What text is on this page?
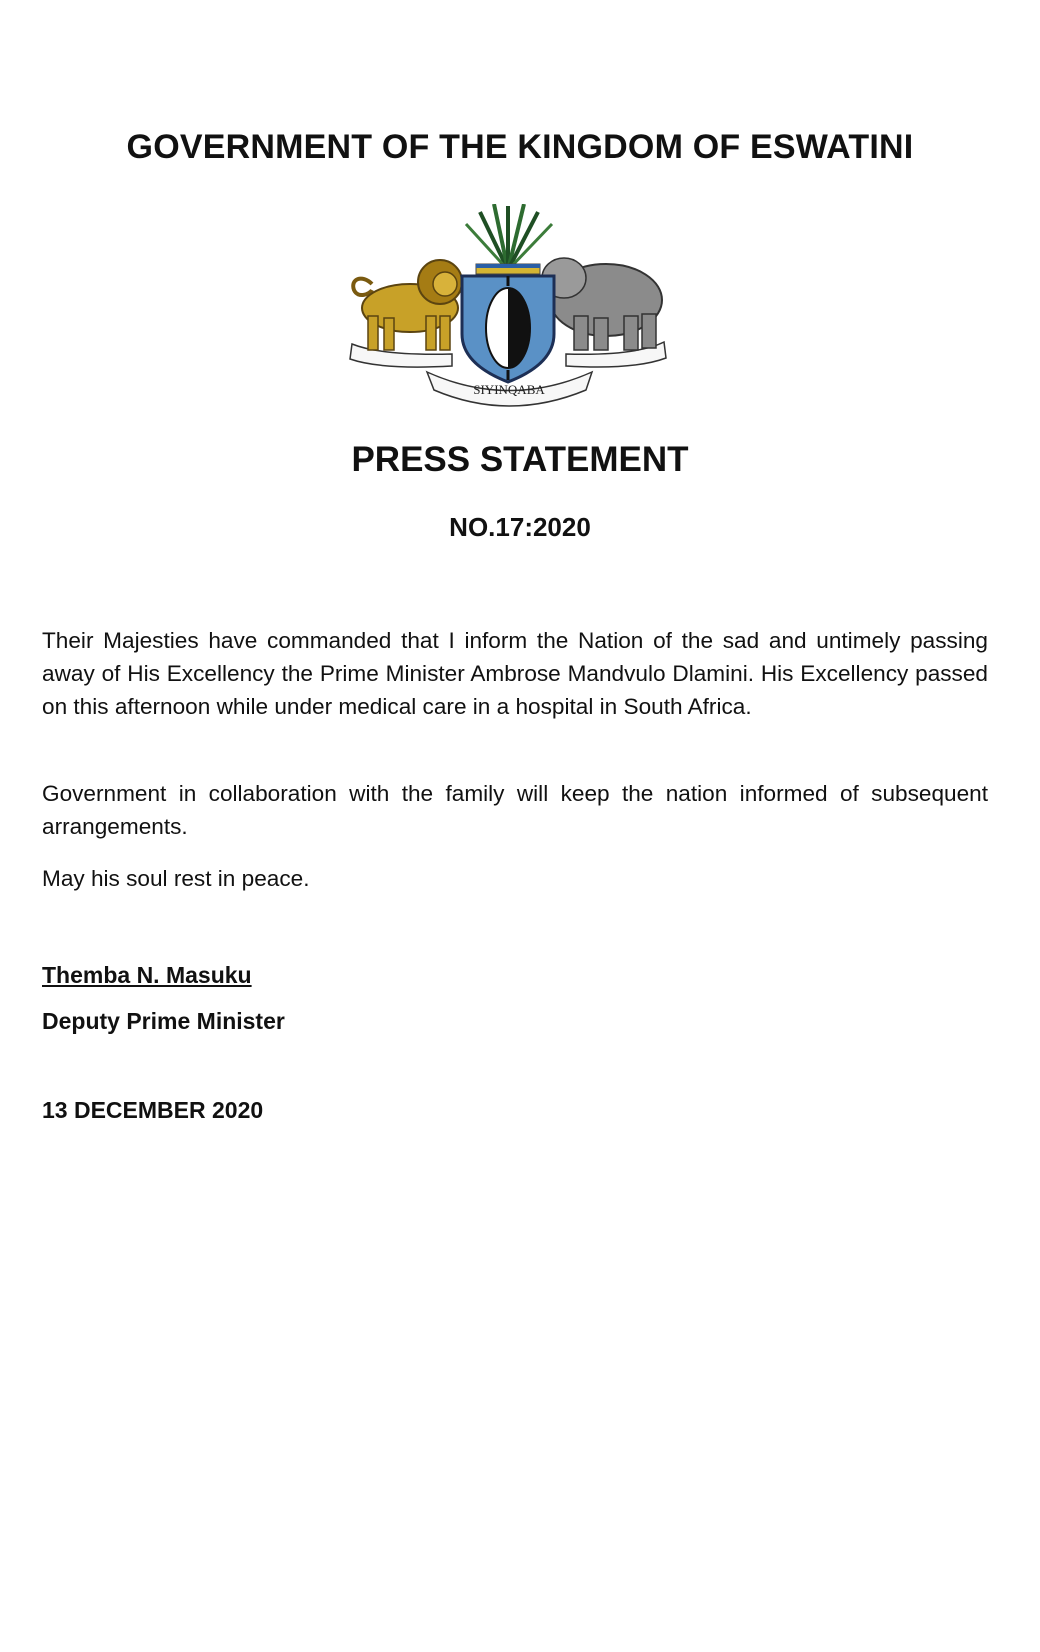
GOVERNMENT OF THE KINGDOM OF ESWATINI
SIYINQABA
PRESS STATEMENT
NO.17:2020

Their Majesties have commanded that I inform the Nation of the sad and untimely passing away of His Excellency the Prime Minister Ambrose Mandvulo Dlamini. His Excellency passed on this afternoon while under medical care in a hospital in South Africa.

Government in collaboration with the family will keep the nation informed of subsequent arrangements.

May his soul rest in peace.

Themba N. Masuku

Deputy Prime Minister

13 DECEMBER 2020
